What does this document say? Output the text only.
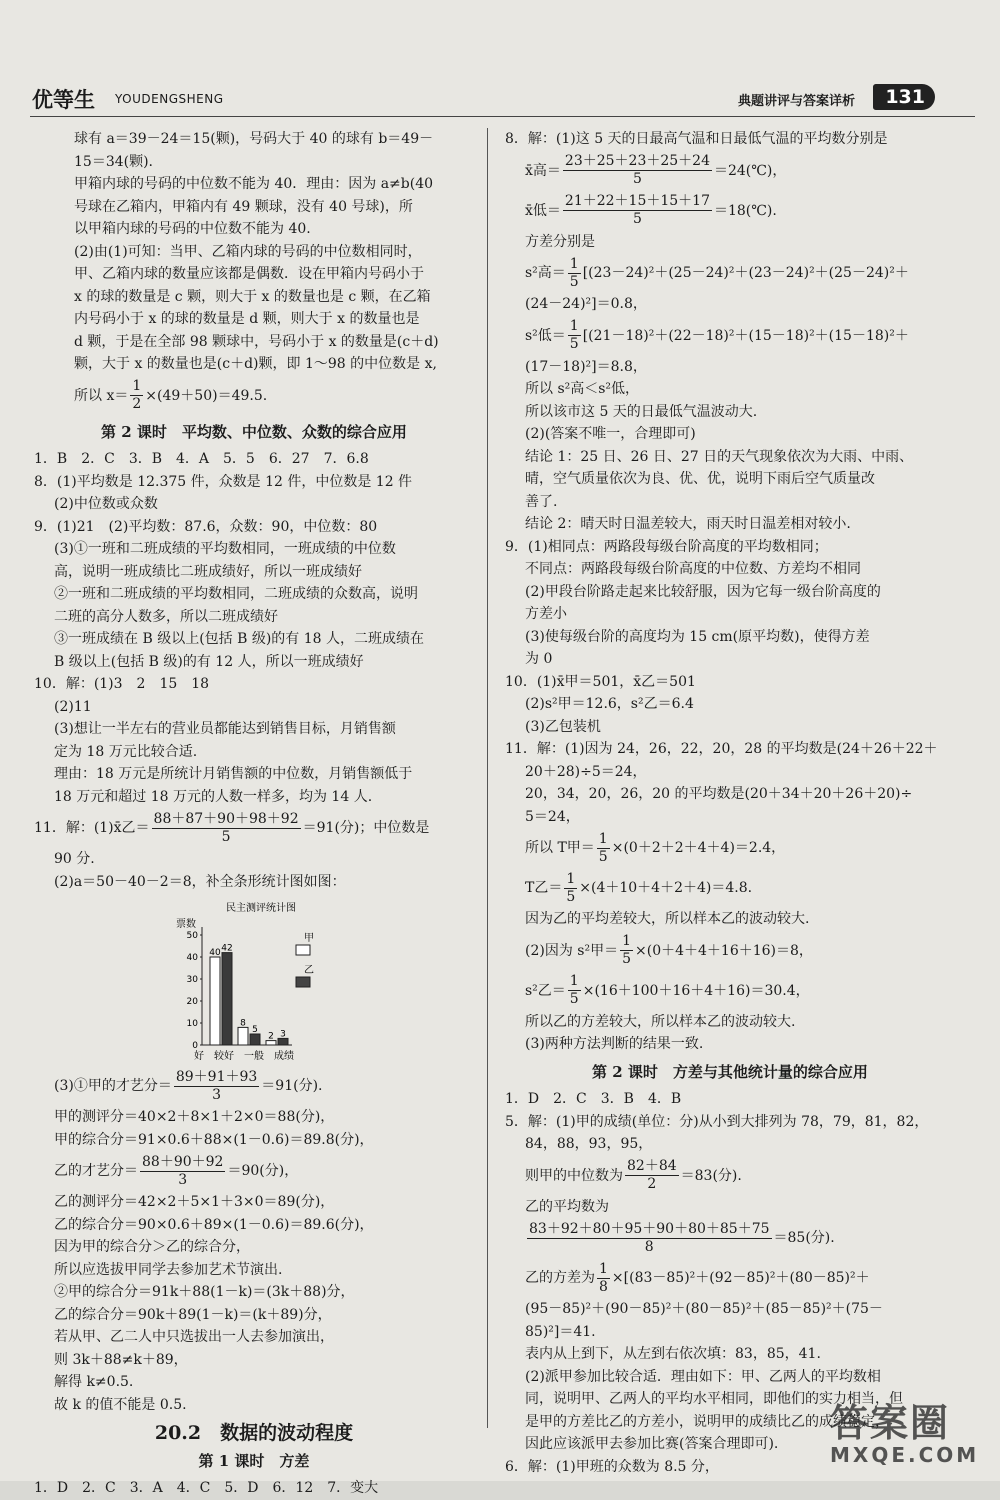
优等生 YOUDENGSHENG	典题讲评与答案详析	131

球有 a＝39－24＝15(颗)，号码大于 40 的球有 b＝49－

15＝34(颗).

甲箱内球的号码的中位数不能为 40．理由：因为 a≠b(40

号球在乙箱内，甲箱内有 49 颗球，没有 40 号球)，所

以甲箱内球的号码的中位数不能为 40.

(2)由(1)可知：当甲、乙箱内球的号码的中位数相同时，

甲、乙箱内球的数量应该都是偶数．设在甲箱内号码小于

x 的球的数量是 c 颗，则大于 x 的数量也是 c 颗，在乙箱

内号码小于 x 的球的数量是 d 颗，则大于 x 的数量也是

d 颗，于是在全部 98 颗球中，号码小于 x 的数量是(c＋d)

颗，大于 x 的数量也是(c＋d)颗，即 1～98 的中位数是 x,

所以 $x= \frac{1}{2} \times(49+50)=49.5$.

第 2 课时　平均数、中位数、众数的综合应用

1．B　2．C　3．B　4．A　5．5　6．27　7．6.8

8．(1)平均数是 12.375 件，众数是 12 件，中位数是 12 件

(2)中位数或众数

9．(1)21　(2)平均数：87.6，众数：90，中位数：80

(3)①一班和二班成绩的平均数相同，一班成绩的中位数

高，说明一班成绩比二班成绩好，所以一班成绩好

②一班和二班成绩的平均数相同，二班成绩的众数高，说明

二班的高分人数多，所以二班成绩好

③一班成绩在 B 级以上(包括 B 级)的有 18 人，二班成绩在

B 级以上(包括 B 级)的有 12 人，所以一班成绩好

10．解：(1)3　2　15　18

(2)11

(3)想让一半左右的营业员都能达到销售目标，月销售额

定为 18 万元比较合适.

理由：18 万元是所统计月销售额的中位数，月销售额低于

18 万元和超过 18 万元的人数一样多，均为 14 人.

11．解：(1)x̄乙＝ $\frac{88+87+90+98+92}{5} =91$(分)；中位数是

90 分.

(2)a＝50－40－2＝8，补全条形统计图如图：

民主测评统计图
票数
甲
乙
好　较好　一般　成绩
0
10
20
30
40
50
40 42
8
5
2 3

(3)①甲的才艺分＝ $\frac{89+91+93}{3} =91$(分).

甲的测评分＝40×2＋8×1＋2×0＝88(分)，

甲的综合分＝91×0.6＋88×(1－0.6)＝89.8(分)，

乙的才艺分＝ $\frac{88+90+92}{3} =90$(分)，

乙的测评分＝42×2＋5×1＋3×0＝89(分)，

乙的综合分＝90×0.6＋89×(1－0.6)＝89.6(分)，

因为甲的综合分＞乙的综合分，

所以应选拔甲同学去参加艺术节演出.

②甲的综合分＝91k＋88(1－k)＝(3k＋88)分，

乙的综合分＝90k＋89(1－k)＝(k＋89)分，

若从甲、乙二人中只选拔出一人去参加演出，

则 3k＋88≠k＋89，

解得 k≠0.5.

故 k 的值不能是 0.5.

20.2　数据的波动程度
第 1 课时　方差

1．D　2．C　3．A　4．C　5．D　6．12　7．变大

8．解：(1)这 5 天的日最高气温和日最低气温的平均数分别是

x̄高＝ $\frac{23+25+23+25+24}{5}$ ＝24(℃)，

x̄低＝ $\frac{21+22+15+15+17}{5}$ ＝18(℃).

方差分别是

s²高＝ $\frac{1}{5} [(23-24)^2+(25-24)^2+(23-24)^2+(25-24)^2+$

(24－24)²]＝0.8，

s²低＝ $\frac{1}{5} [(21-18)^2+(22-18)^2+(15-18)^2+(15-18)^2+$

(17－18)²]＝8.8，

所以 s²高＜s²低，

所以该市这 5 天的日最低气温波动大.

(2)(答案不唯一，合理即可)

结论 1：25 日、26 日、27 日的天气现象依次为大雨、中雨、

晴，空气质量依次为良、优、优，说明下雨后空气质量改

善了.

结论 2：晴天时日温差较大，雨天时日温差相对较小.

9．(1)相同点：两路段每级台阶高度的平均数相同；

不同点：两路段每级台阶高度的中位数、方差均不相同

(2)甲段台阶路走起来比较舒服，因为它每一级台阶高度的

方差小

(3)使每级台阶的高度均为 15 cm(原平均数)，使得方差

为 0

10．(1)x̄甲＝501，x̄乙＝501

(2)s²甲＝12.6，s²乙＝6.4

(3)乙包装机

11．解：(1)因为 24，26，22，20，28 的平均数是(24＋26＋22＋

20＋28)÷5＝24，

20，34，20，26，20 的平均数是(20＋34＋20＋26＋20)÷

5＝24，

所以 T甲＝ $\frac{1}{5} \times(0+2+2+4+4)=2.4$，

T乙＝ $\frac{1}{5} \times(4+10+4+2+4)=4.8$.

因为乙的平均差较大，所以样本乙的波动较大.

(2)因为 s²甲＝ $\frac{1}{5} \times(0+4+4+16+16)=8$，

s²乙＝ $\frac{1}{5} \times(16+100+16+4+16)=30.4$，

所以乙的方差较大，所以样本乙的波动较大.

(3)两种方法判断的结果一致.

第 2 课时　方差与其他统计量的综合应用

1．D　2．C　3．B　4．B

5．解：(1)甲的成绩(单位：分)从小到大排列为 78，79，81，82，

84，88，93，95，

则甲的中位数为 $\frac{82+84}{2} =83$(分).

乙的平均数为

$\frac{83+92+80+95+90+80+85+75}{8} =85$(分).

乙的方差为 $\frac{1}{8} \times[(83-85)^2+(92-85)^2+(80-85)^2+$

(95－85)²＋(90－85)²＋(80－85)²＋(85－85)²＋(75－

85)²]＝41.

表内从上到下，从左到右依次填：83，85，41.

(2)派甲参加比较合适．理由如下：甲、乙两人的平均数相

同，说明甲、乙两人的平均水平相同，即他们的实力相当，但

是甲的方差比乙的方差小，说明甲的成绩比乙的成绩稳定，

因此应该派甲去参加比赛(答案合理即可).

6．解：(1)甲班的众数为 8.5 分，

答案圈
MXQE.COM
